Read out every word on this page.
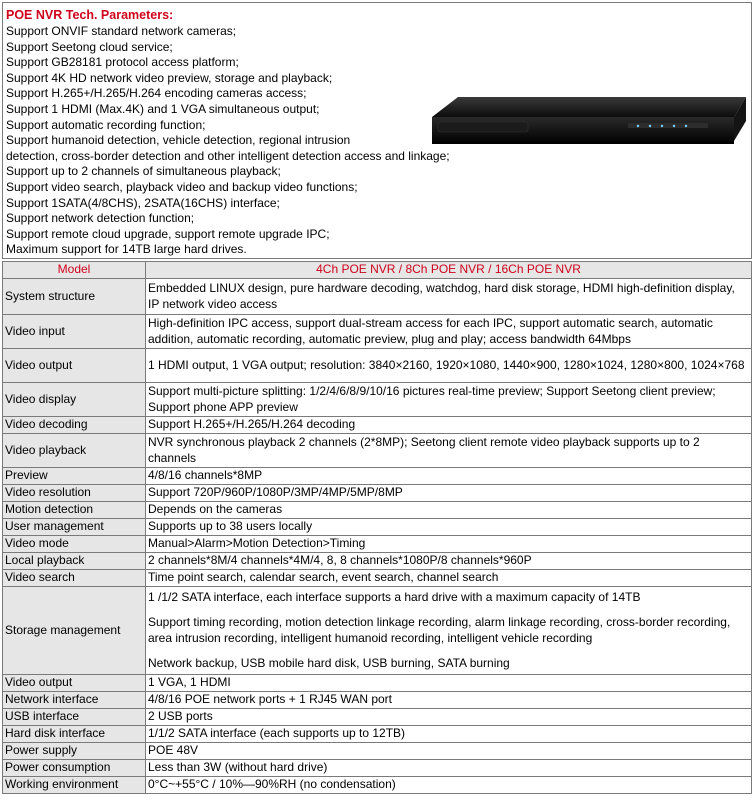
POE NVR Tech. Parameters:
Support ONVIF standard network cameras;
Support Seetong cloud service;
Support GB28181 protocol access platform;
Support 4K HD network video preview, storage and playback;
Support H.265+/H.265/H.264 encoding cameras access;
Support 1 HDMI (Max.4K) and 1 VGA simultaneous output;
Support automatic recording function;
Support humanoid detection, vehicle detection, regional intrusion
detection, cross-border detection and other intelligent detection access and linkage;
Support up to 2 channels of simultaneous playback;
Support video search, playback video and backup video functions;
Support 1SATA(4/8CHS), 2SATA(16CHS) interface;
Support network detection function;
Support remote cloud upgrade, support remote upgrade IPC;
Maximum support for 14TB large hard drives.
Model	4Ch POE NVR / 8Ch POE NVR / 16Ch POE NVR
System structure	Embedded LINUX design, pure hardware decoding, watchdog, hard disk storage, HDMI high-definition display, IP network video access
Video input	High-definition IPC access, support dual-stream access for each IPC, support automatic search, automatic addition, automatic recording, automatic preview, plug and play; access bandwidth 64Mbps
Video output	1 HDMI output, 1 VGA output; resolution: 3840×2160, 1920×1080, 1440×900, 1280×1024, 1280×800, 1024×768
Video display	Support multi-picture splitting: 1/2/4/6/8/9/10/16 pictures real-time preview; Support Seetong client preview; Support phone APP preview
Video decoding	Support H.265+/H.265/H.264 decoding
Video playback	NVR synchronous playback 2 channels (2*8MP); Seetong client remote video playback supports up to 2 channels
Preview	4/8/16 channels*8MP
Video resolution	Support 720P/960P/1080P/3MP/4MP/5MP/8MP
Motion detection	Depends on the cameras
User management	Supports up to 38 users locally
Video mode	Manual>Alarm>Motion Detection>Timing
Local playback	2 channels*8M/4 channels*4M/4, 8, 8 channels*1080P/8 channels*960P
Video search	Time point search, calendar search, event search, channel search
Storage management	1 /1/2 SATA interface, each interface supports a hard drive with a maximum capacity of 14TB
Support timing recording, motion detection linkage recording, alarm linkage recording, cross-border recording, area intrusion recording, intelligent humanoid recording, intelligent vehicle recording
Network backup, USB mobile hard disk, USB burning, SATA burning

Video output	1 VGA, 1 HDMI
Network interface	4/8/16 POE network ports + 1 RJ45 WAN port
USB interface	2 USB ports
Hard disk interface	1/1/2 SATA interface (each supports up to 12TB)
Power supply	POE 48V
Power consumption	Less than 3W (without hard drive)
Working environment	0°C~+55°C / 10%—90%RH (no condensation)
